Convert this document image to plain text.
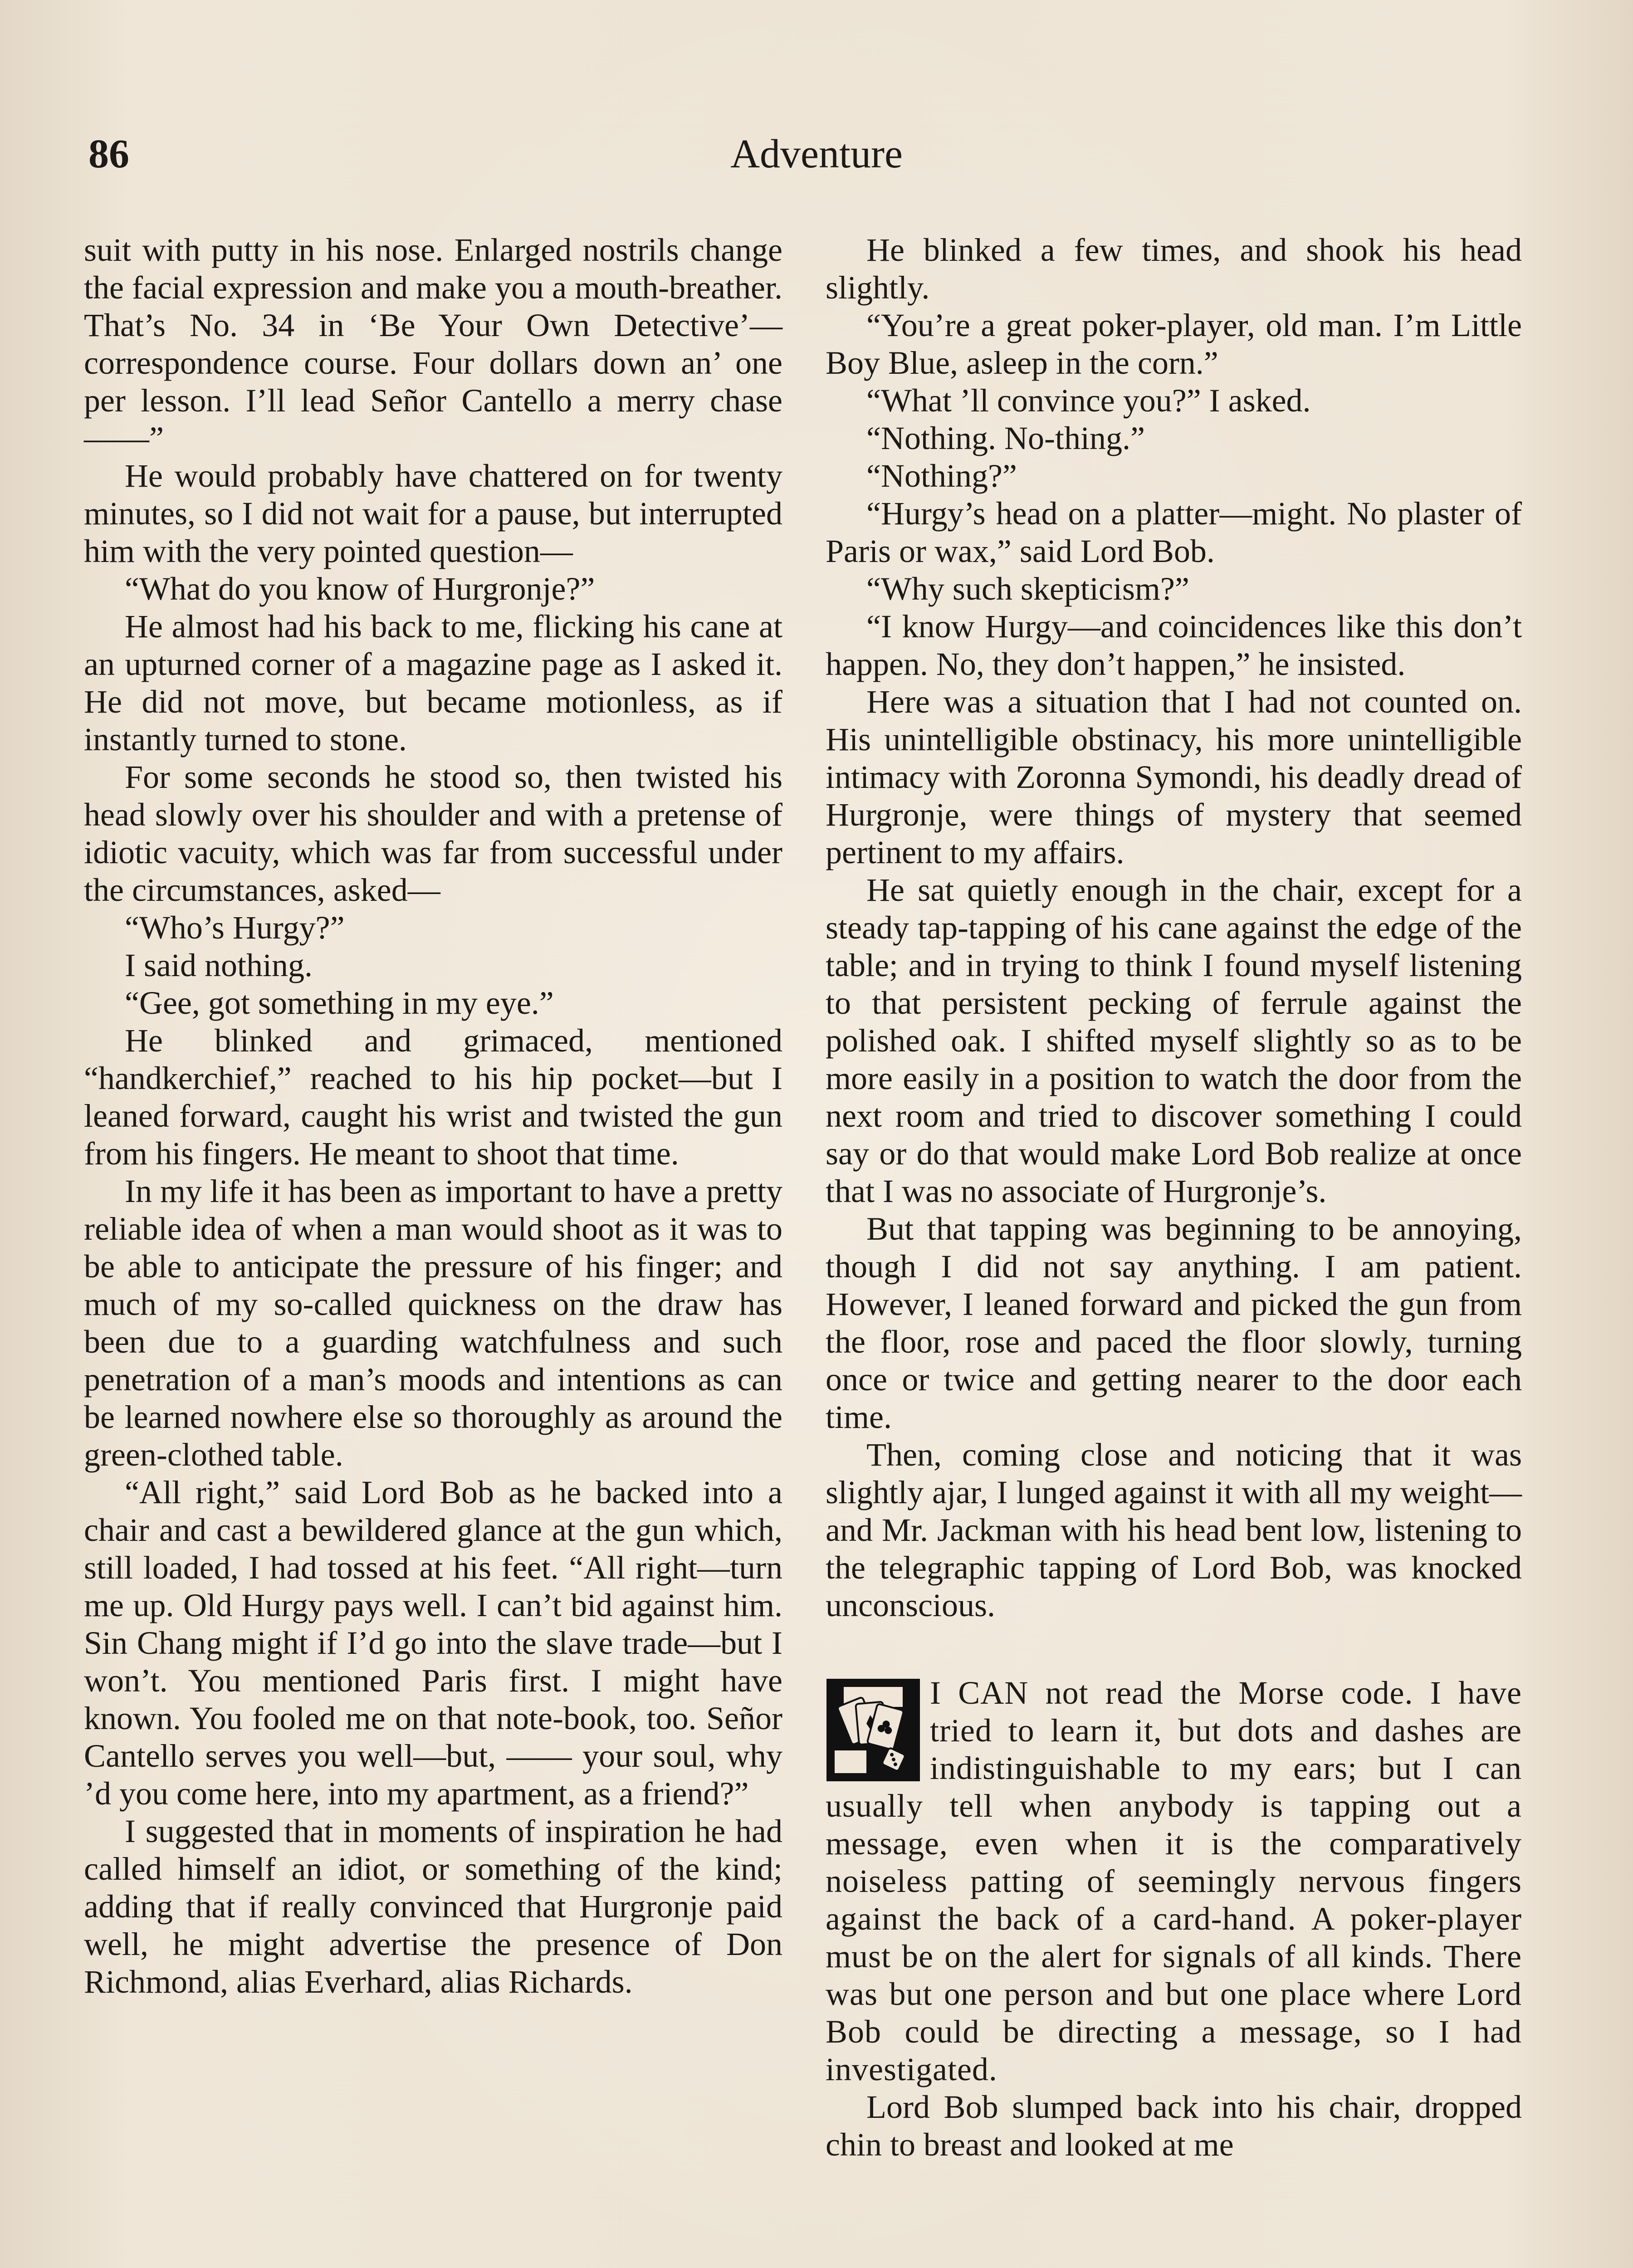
86	Adventure

suit with putty in his nose. Enlarged nostrils change the facial expression and make you a mouth-breather. That’s No. 34 in ‘Be Your Own Detective’—correspondence course. Four dollars down an’ one per lesson. I’ll lead Señor Cantello a merry chase——”

He would probably have chattered on for twenty minutes, so I did not wait for a pause, but interrupted him with the very pointed question—

“What do you know of Hurgronje?”

He almost had his back to me, flicking his cane at an upturned corner of a magazine page as I asked it. He did not move, but became motionless, as if instantly turned to stone.

For some seconds he stood so, then twisted his head slowly over his shoulder and with a pretense of idiotic vacuity, which was far from successful under the circumstances, asked—

“Who’s Hurgy?”

I said nothing.

“Gee, got something in my eye.”

He blinked and grimaced, mentioned “handkerchief,” reached to his hip pocket—but I leaned forward, caught his wrist and twisted the gun from his fingers. He meant to shoot that time.

In my life it has been as important to have a pretty reliable idea of when a man would shoot as it was to be able to anticipate the pressure of his finger; and much of my so-called quickness on the draw has been due to a guarding watchfulness and such penetration of a man’s moods and intentions as can be learned nowhere else so thoroughly as around the green-clothed table.

“All right,” said Lord Bob as he backed into a chair and cast a bewildered glance at the gun which, still loaded, I had tossed at his feet. “All right—turn me up. Old Hurgy pays well. I can’t bid against him. Sin Chang might if I’d go into the slave trade—but I won’t. You mentioned Paris first. I might have known. You fooled me on that note-book, too. Señor Cantello serves you well—but, —— your soul, why ’d you come here, into my apartment, as a friend?”

I suggested that in moments of inspiration he had called himself an idiot, or something of the kind; adding that if really convinced that Hurgronje paid well, he might advertise the presence of Don Richmond, alias Everhard, alias Richards.

He blinked a few times, and shook his head slightly.

“You’re a great poker-player, old man. I’m Little Boy Blue, asleep in the corn.”

“What ’ll convince you?” I asked.

“Nothing. No-thing.”

“Nothing?”

“Hurgy’s head on a platter—might. No plaster of Paris or wax,” said Lord Bob.

“Why such skepticism?”

“I know Hurgy—and coincidences like this don’t happen. No, they don’t happen,” he insisted.

Here was a situation that I had not counted on. His unintelligible obstinacy, his more unintelligible intimacy with Zoronna Symondi, his deadly dread of Hurgronje, were things of mystery that seemed pertinent to my affairs.

He sat quietly enough in the chair, except for a steady tap-tapping of his cane against the edge of the table; and in trying to think I found myself listening to that persistent pecking of ferrule against the polished oak. I shifted myself slightly so as to be more easily in a position to watch the door from the next room and tried to discover something I could say or do that would make Lord Bob realize at once that I was no associate of Hurgronje’s.

But that tapping was beginning to be annoying, though I did not say anything. I am patient. However, I leaned forward and picked the gun from the floor, rose and paced the floor slowly, turning once or twice and getting nearer to the door each time.

Then, coming close and noticing that it was slightly ajar, I lunged against it with all my weight—and Mr. Jackman with his head bent low, listening to the telegraphic tapping of Lord Bob, was knocked unconscious.

I CAN not read the Morse code. I have tried to learn it, but dots and dashes are indistinguishable to my ears; but I can usually tell when anybody is tapping out a message, even when it is the comparatively noiseless patting of seemingly nervous fingers against the back of a card-hand. A poker-player must be on the alert for signals of all kinds. There was but one person and but one place where Lord Bob could be directing a message, so I had investigated.

Lord Bob slumped back into his chair, dropped chin to breast and looked at me
